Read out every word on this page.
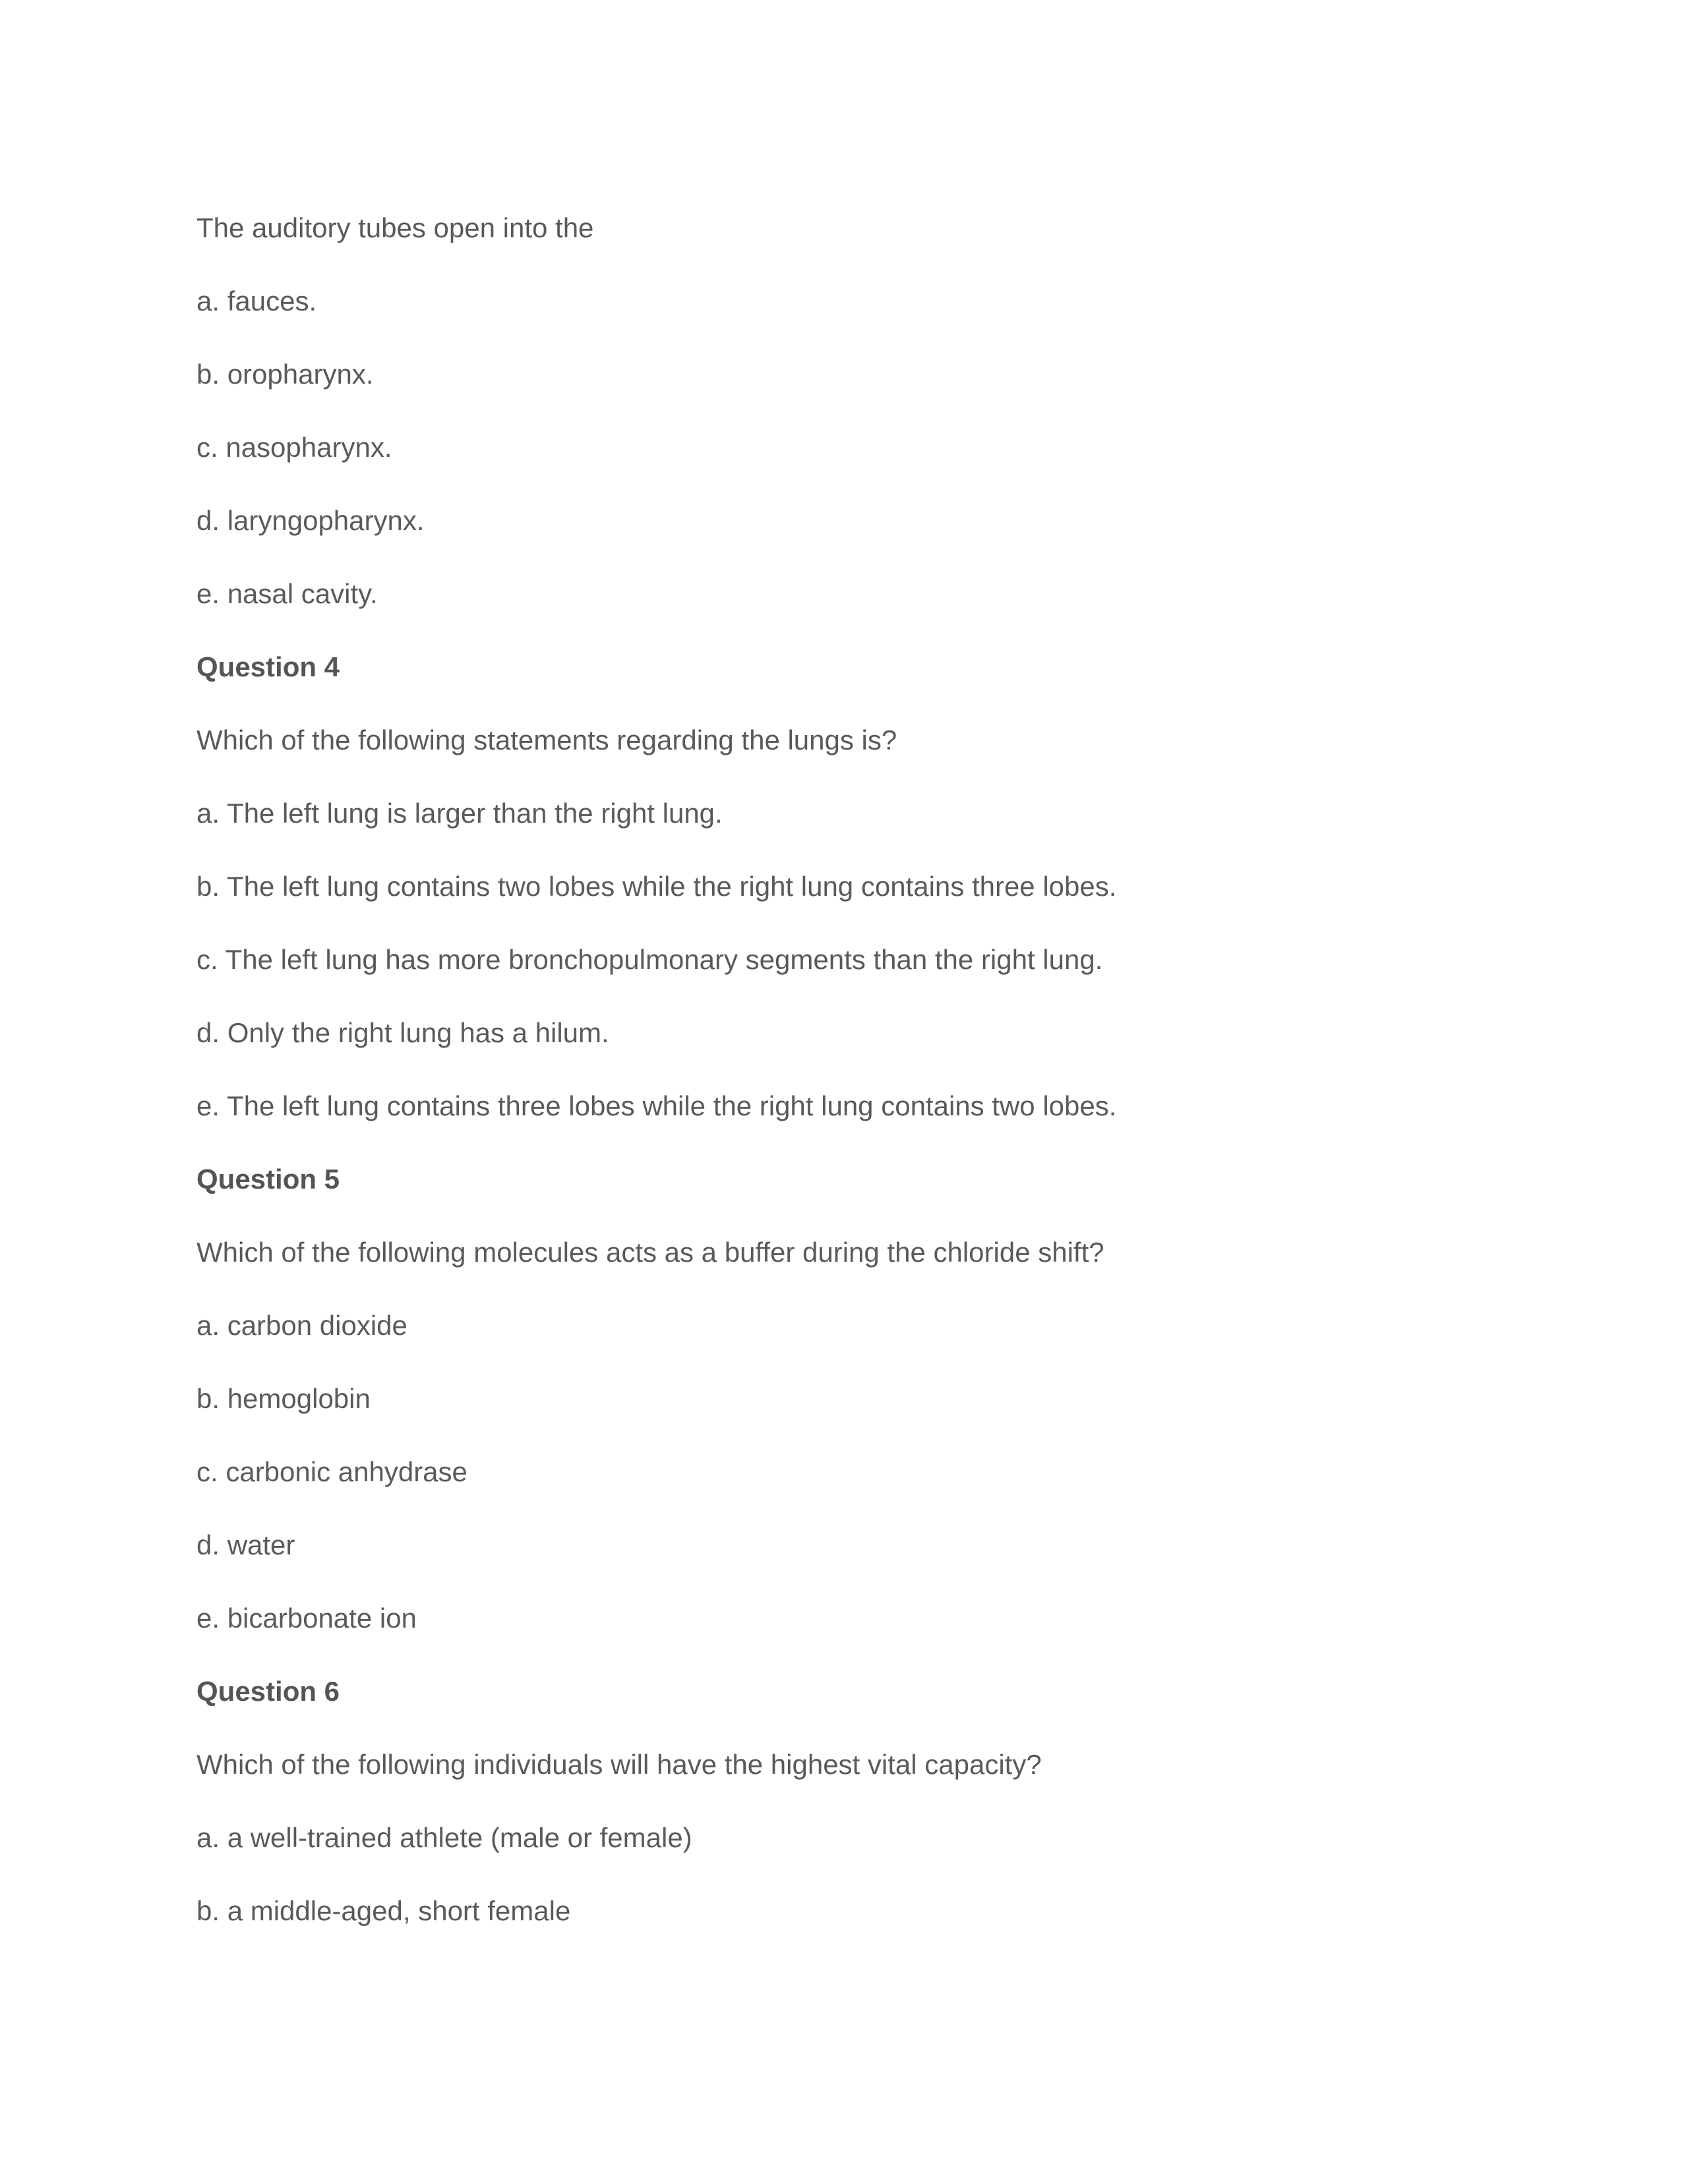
The auditory tubes open into the
a. fauces.
b. oropharynx.
c. nasopharynx.
d. laryngopharynx.
e. nasal cavity.
Question 4
Which of the following statements regarding the lungs is?
a. The left lung is larger than the right lung.
b. The left lung contains two lobes while the right lung contains three lobes.
c. The left lung has more bronchopulmonary segments than the right lung.
d. Only the right lung has a hilum.
e. The left lung contains three lobes while the right lung contains two lobes.
Question 5
Which of the following molecules acts as a buffer during the chloride shift?
a. carbon dioxide
b. hemoglobin
c. carbonic anhydrase
d. water
e. bicarbonate ion
Question 6
Which of the following individuals will have the highest vital capacity?
a. a well-trained athlete (male or female)
b. a middle-aged, short female
